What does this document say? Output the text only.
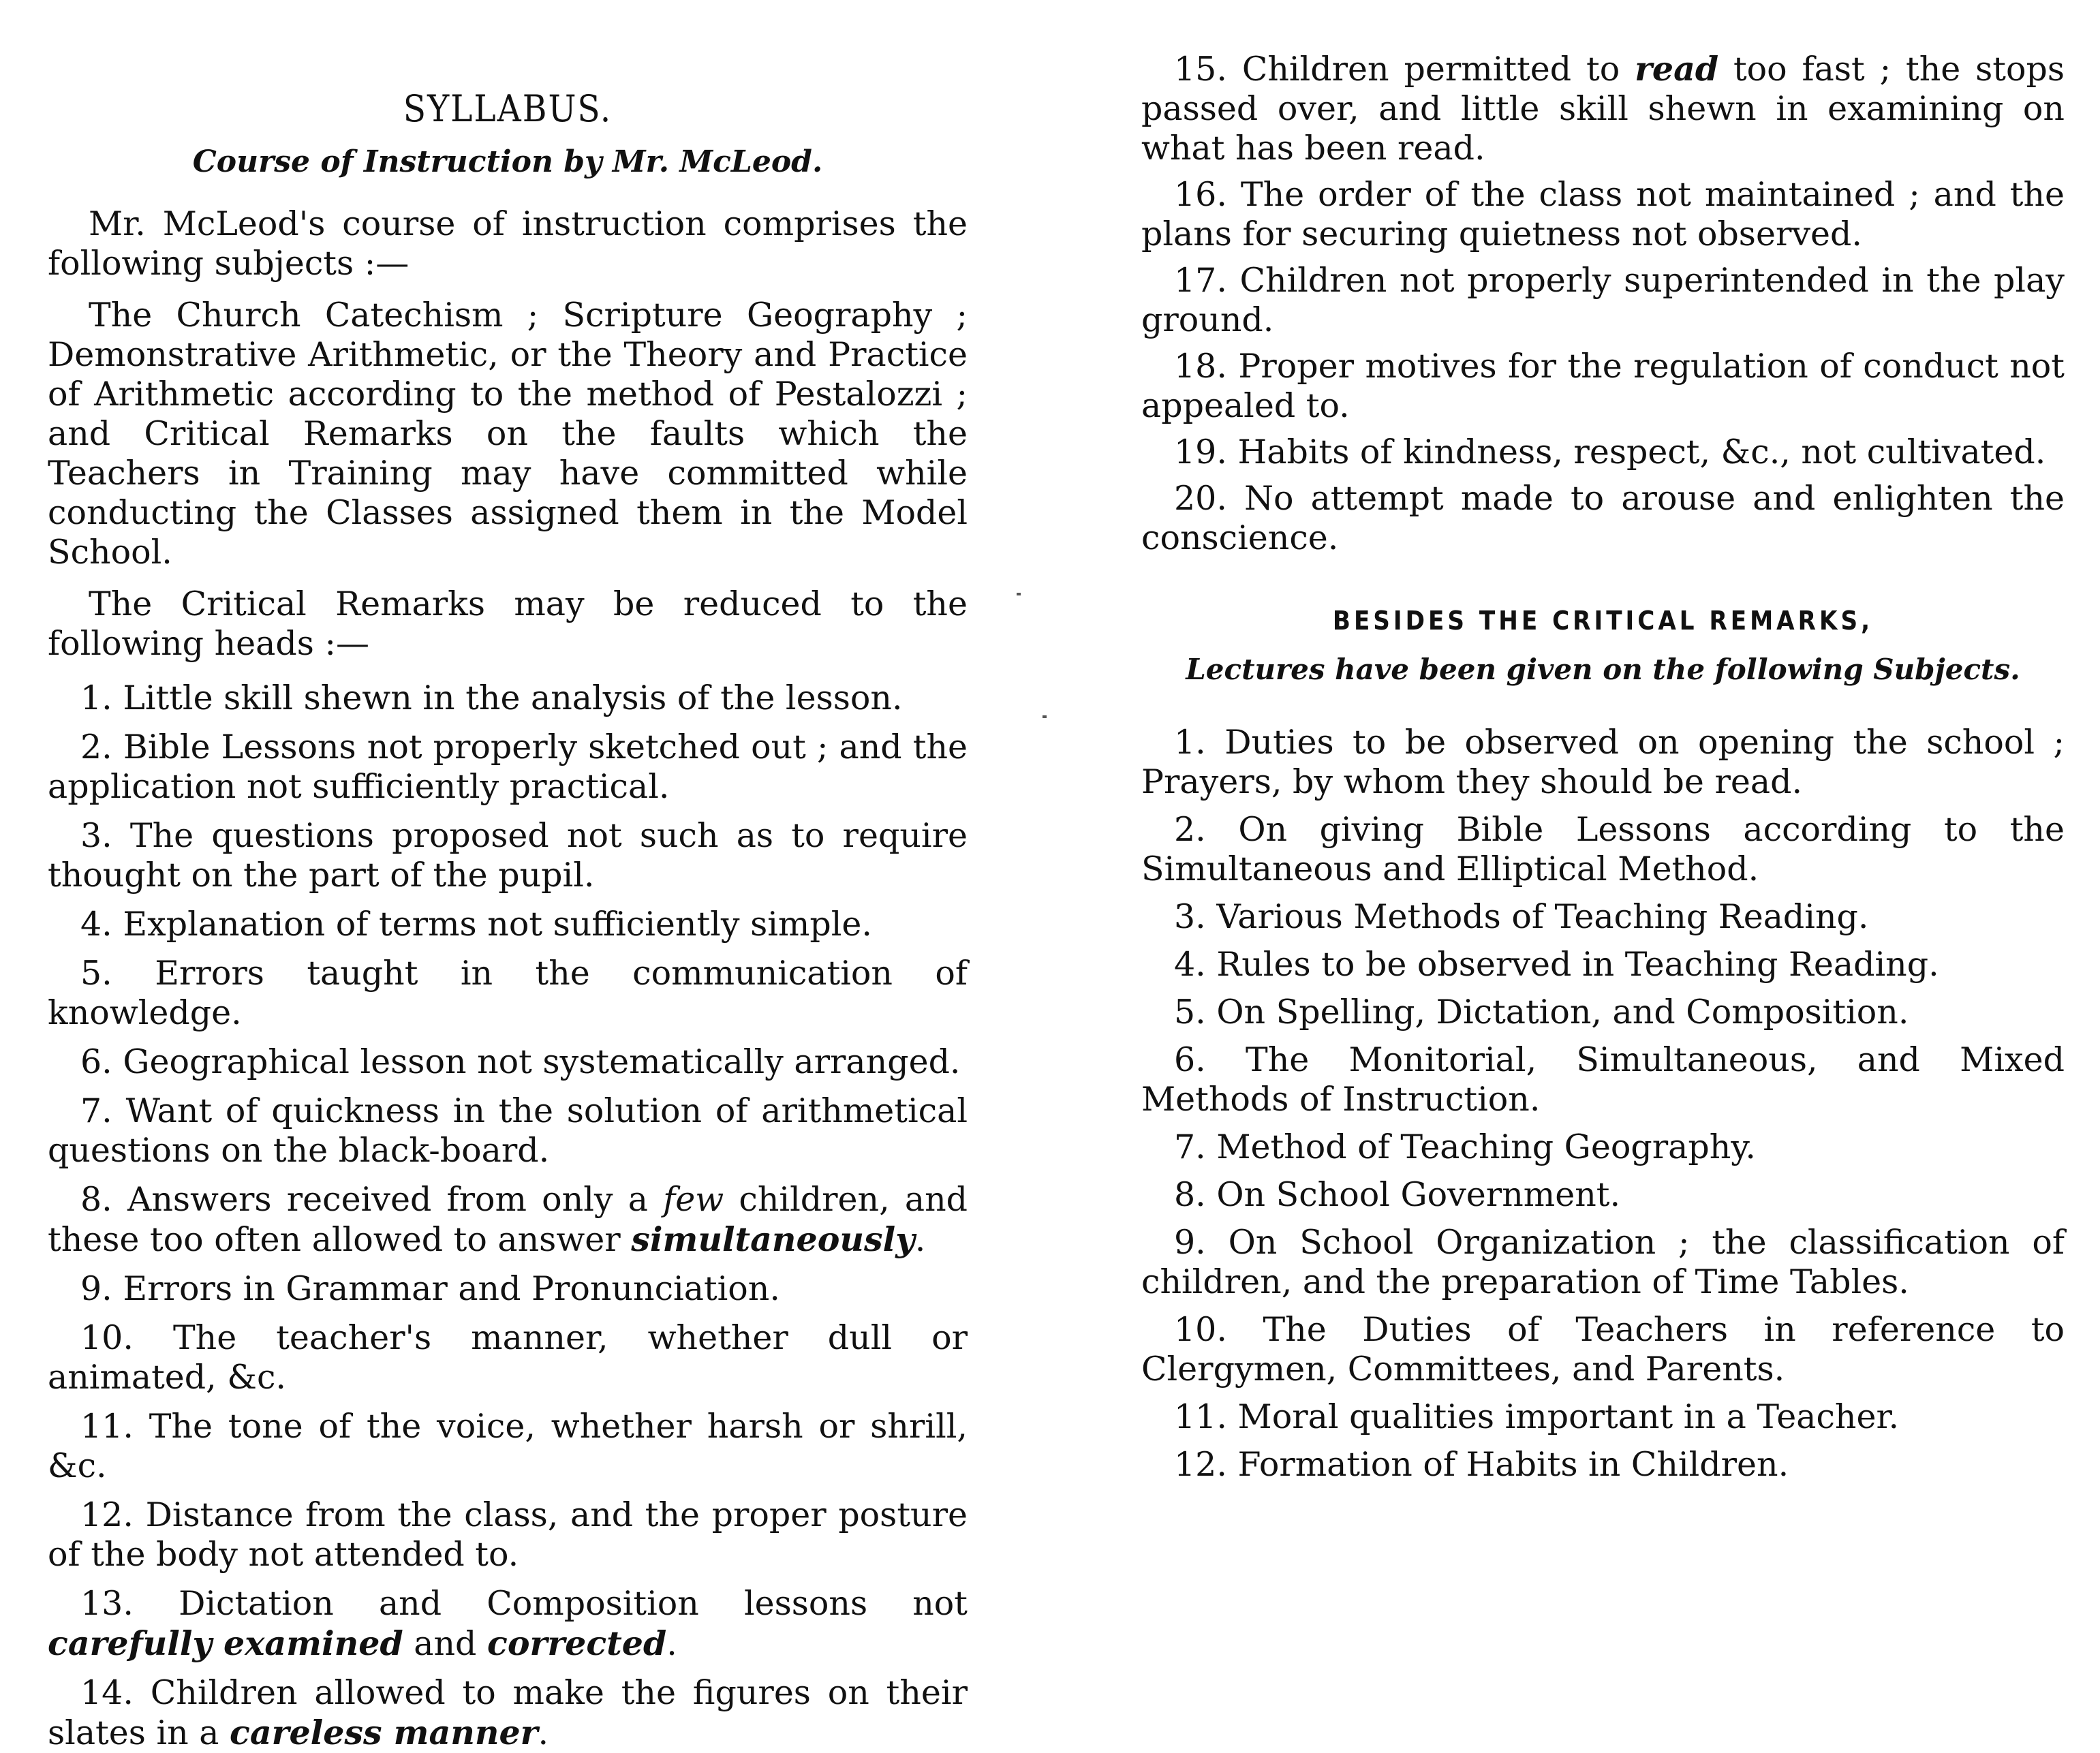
SYLLABUS.
Course of Instruction by Mr. McLeod.

Mr. McLeod's course of instruction comprises the following subjects :—

The Church Catechism ; Scripture Geography ; Demonstrative Arithmetic, or the Theory and Practice of Arithmetic according to the method of Pestalozzi ; and Critical Remarks on the faults which the Teachers in Training may have committed while conducting the Classes assigned them in the Model School.

The Critical Remarks may be reduced to the following heads :—

1. Little skill shewn in the analysis of the lesson.

2. Bible Lessons not properly sketched out ; and the application not sufficiently practical.

3. The questions proposed not such as to require thought on the part of the pupil.

4. Explanation of terms not sufficiently simple.

5. Errors taught in the communication of knowledge.

6. Geographical lesson not systematically arranged.

7. Want of quickness in the solution of arithmetical questions on the black-board.

8. Answers received from only a few children, and these too often allowed to answer simultaneously.

9. Errors in Grammar and Pronunciation.

10. The teacher's manner, whether dull or animated, &c.

11. The tone of the voice, whether harsh or shrill, &c.

12. Distance from the class, and the proper posture of the body not attended to.

13. Dictation and Composition lessons not carefully examined and corrected.

14. Children allowed to make the figures on their slates in a careless manner.

15. Children permitted to read too fast ; the stops passed over, and little skill shewn in examining on what has been read.

16. The order of the class not maintained ; and the plans for securing quietness not observed.

17. Children not properly superintended in the play ground.

18. Proper motives for the regulation of conduct not appealed to.

19. Habits of kindness, respect, &c., not cultivated.

20. No attempt made to arouse and enlighten the conscience.

BESIDES THE CRITICAL REMARKS,
Lectures have been given on the following Subjects.

1. Duties to be observed on opening the school ; Prayers, by whom they should be read.

2. On giving Bible Lessons according to the Simultaneous and Elliptical Method.

3. Various Methods of Teaching Reading.

4. Rules to be observed in Teaching Reading.

5. On Spelling, Dictation, and Composition.

6. The Monitorial, Simultaneous, and Mixed Methods of Instruction.

7. Method of Teaching Geography.

8. On School Government.

9. On School Organization ; the classification of children, and the preparation of Time Tables.

10. The Duties of Teachers in reference to Clergymen, Committees, and Parents.

11. Moral qualities important in a Teacher.

12. Formation of Habits in Children.
